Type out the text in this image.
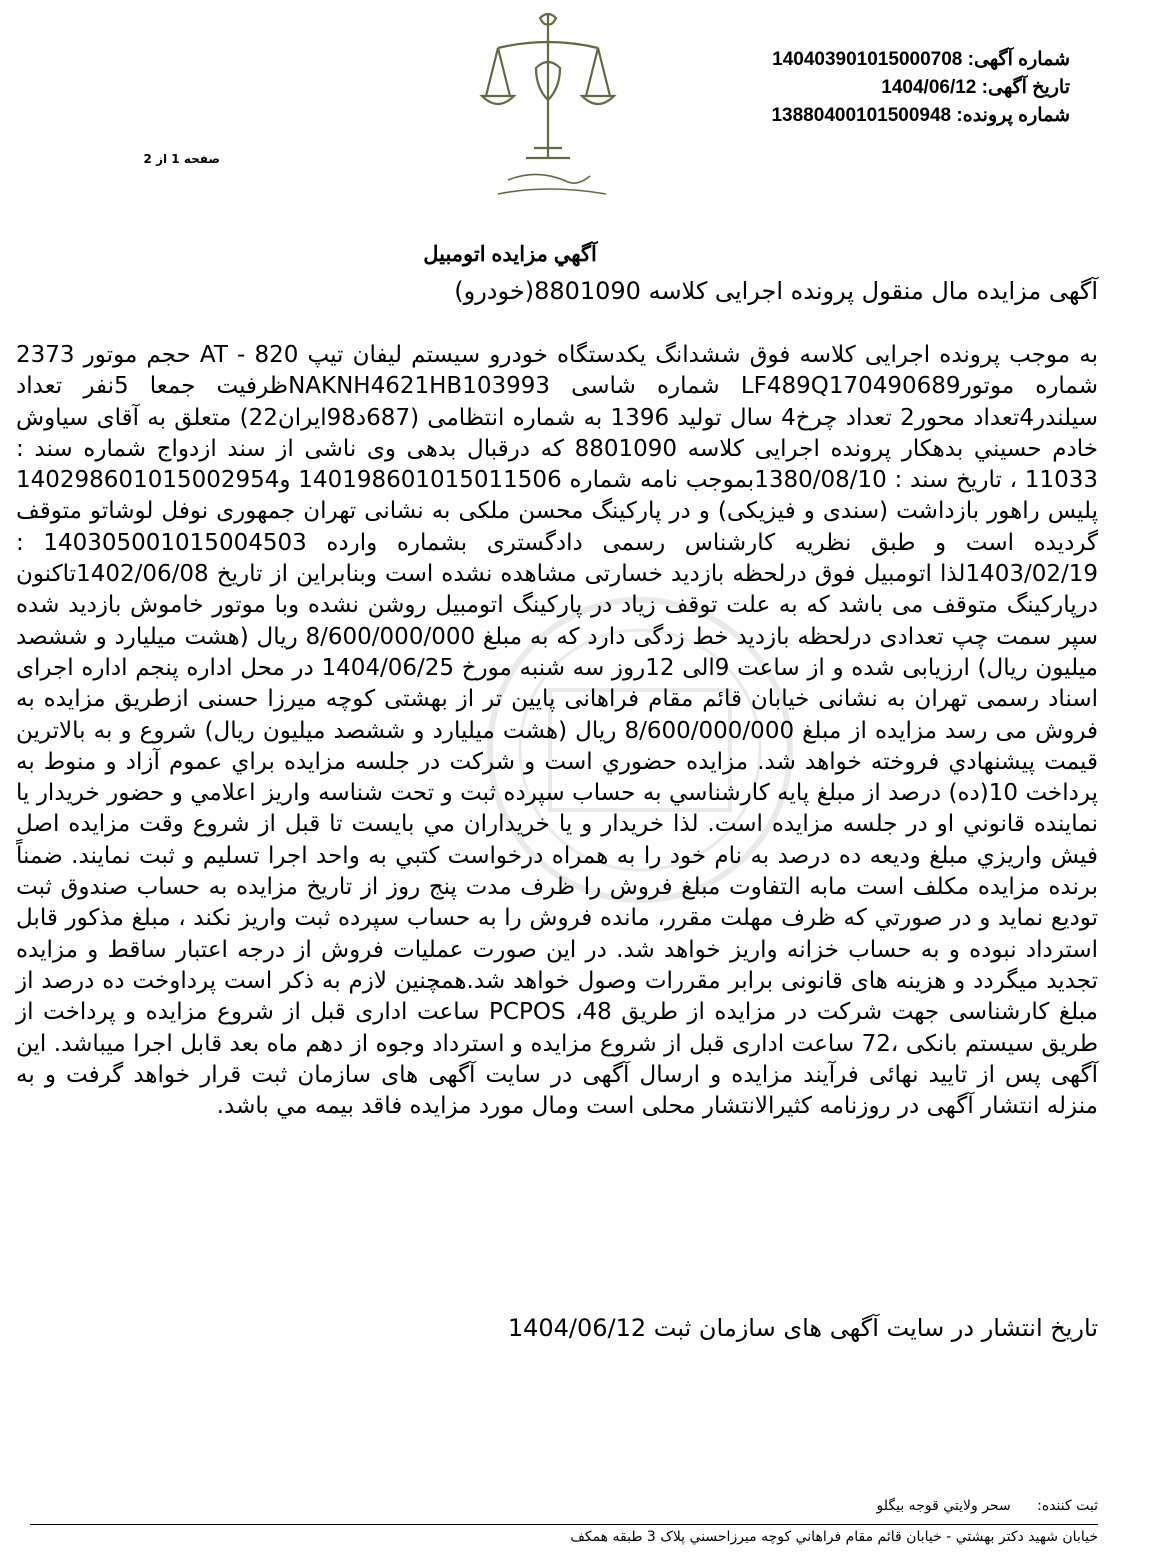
شماره آگهی: 140403901015000708
تاریخ آگهی: 1404/06/12
شماره پرونده: 13880400101500948
صفحه 1 از 2
آگهي مزايده اتومبيل
آگهی مزایده مال منقول پرونده اجرایی کلاسه 8801090(خودرو)
به موجب پرونده اجرایی کلاسه فوق ششدانگ یکدستگاه خودرو سیستم لیفان تیپ 820 - AT حجم موتور 2373 شماره موتورLF489Q170490689 شماره شاسی NAKNH4621HB103993ظرفیت جمعا 5نفر تعداد سیلندر4تعداد محور2 تعداد چرخ4 سال تولید 1396 به شماره انتظامی (687د98ایران22) متعلق به آقای سیاوش خادم حسيني بدهکار پرونده اجرایی کلاسه 8801090 که درقبال بدهی وی ناشی از سند ازدواج شماره سند : 11033 ، تاریخ سند : 1380/08/10بموجب نامه شماره 140198601015011506 و140298601015002954 پلیس راهور بازداشت (سندی و فیزیکی) و در پارکینگ محسن ملکی به نشانی تهران جمهوری نوفل لوشاتو متوقف گردیده است و طبق نظریه کارشناس رسمی دادگستری بشماره وارده 140305001015004503 : 1403/02/19لذا اتومبیل فوق درلحظه بازدید خسارتی مشاهده نشده است وبنابراین از تاریخ 1402/06/08تاکنون درپارکینگ متوقف می باشد که به علت توقف زیاد در پارکینگ اتومبیل روشن نشده وبا موتور خاموش بازدید شده سپر سمت چپ تعدادی درلحظه بازدید خط زدگی دارد که به مبلغ 8/600/000/000 ریال (هشت میلیارد و ششصد میلیون ریال) ارزیابی شده و از ساعت 9الی 12روز سه شنبه مورخ 1404/06/25 در محل اداره پنجم اداره اجرای اسناد رسمی تهران به نشانی خیابان قائم مقام فراهانی پایین تر از بهشتی کوچه میرزا حسنی ازطریق مزایده به فروش می رسد مزایده از مبلغ 8/600/000/000 ریال (هشت میلیارد و ششصد میلیون ریال) شروع و به بالاترين قيمت پيشنهادي فروخته خواهد شد. مزايده حضوري است و شرکت در جلسه مزايده براي عموم آزاد و منوط به پرداخت 10(ده) درصد از مبلغ پايه کارشناسي به حساب سپرده ثبت و تحت شناسه واريز اعلامي و حضور خريدار يا نماينده قانوني او در جلسه مزايده است. لذا خريدار و يا خريداران مي بايست تا قبل از شروع وقت مزايده اصل فيش واريزي مبلغ وديعه ده درصد به نام خود را به همراه درخواست کتبي به واحد اجرا تسليم و ثبت نمايند. ضمناً برنده مزايده مکلف است مابه التفاوت مبلغ فروش را ظرف مدت پنج روز از تاريخ مزايده به حساب صندوق ثبت توديع نمايد و در صورتي که ظرف مهلت مقرر، مانده فروش را به حساب سپرده ثبت واريز نکند ، مبلغ مذکور قابل استرداد نبوده و به حساب خزانه واريز خواهد شد. در این صورت عملیات فروش از درجه اعتبار ساقط و مزایده تجدید میگردد و هزینه های قانونی برابر مقررات وصول خواهد شد.همچنین لازم به ذکر است پرداوخت ده درصد از مبلغ کارشناسی جهت شرکت در مزایده از طریق 48، PCPOS ساعت اداری قبل از شروع مزایده و پرداخت از طریق سیستم بانکی ،72 ساعت اداری قبل از شروع مزایده و استرداد وجوه از دهم ماه بعد قابل اجرا میباشد. این آگهی پس از تایید نهائی فرآیند مزایده و ارسال آگهی در سایت آگهی های سازمان ثبت قرار خواهد گرفت و به منزله انتشار آگهی در روزنامه کثیرالانتشار محلی است ومال مورد مزايده فاقد بيمه مي باشد.
تاریخ انتشار در سایت آگهی های سازمان ثبت 1404/06/12
ثبت کننده: سحر ولايتي قوجه بيگلو
خيابان شهيد دکتر بهشتي - خيابان قائم مقام فراهاني کوچه ميرزاحسني پلاک 3 طبقه همکف
